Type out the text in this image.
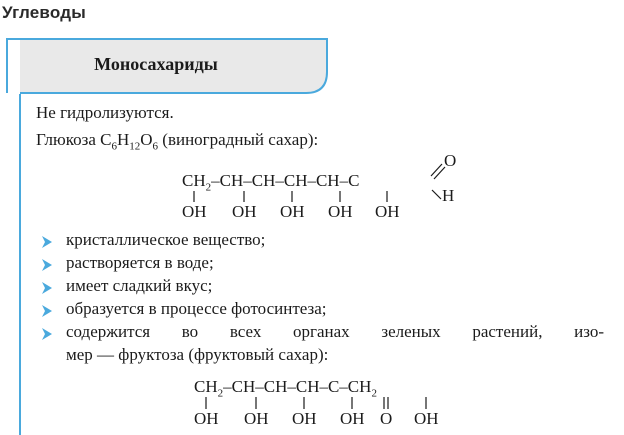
Углеводы
Моносахариды
Не гидролизуются.
Глюкоза $C_6H_{12}O_6$ (виноградный сахар):
$CH_2-CH-CH-CH-CH-C$
O
H
OH OH OH OH OH
кристаллическое вещество;
растворяется в воде;
имеет сладкий вкус;
образуется в процессе фотосинтеза;
содержится во всех органах зеленых растений, изо-
мер — фруктоза (фруктовый сахар):
$CH_2-CH-CH-CH-C-CH_2$
OH OH OH OH O OH
